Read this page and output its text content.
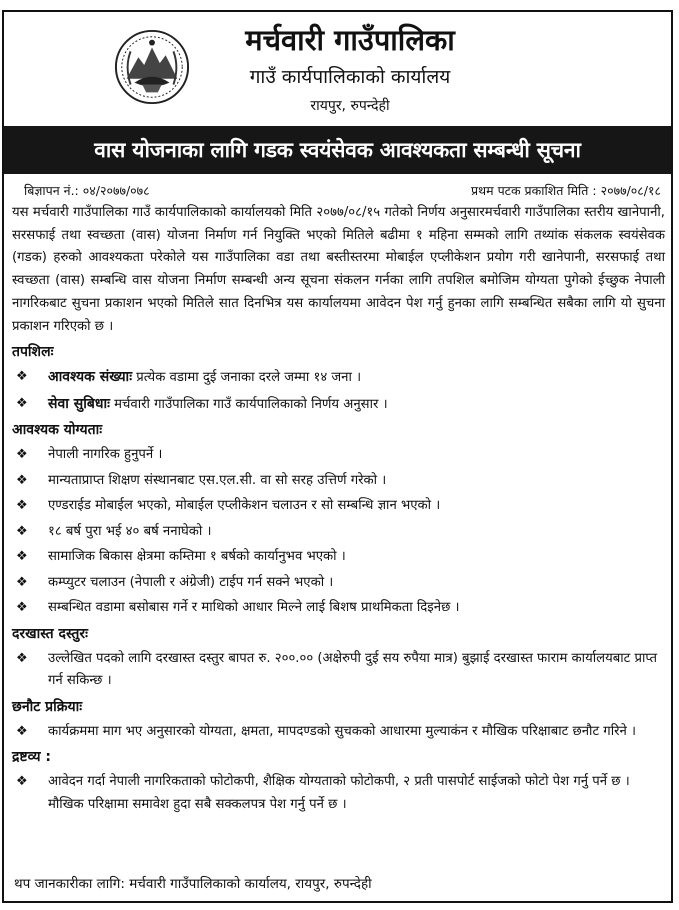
मर्चवारी गाउँपालिका
गाउँ कार्यपालिकाको कार्यालय
रायपुर, रुपन्देही
वास योजनाका लागि गडक स्वयंसेवक आवश्यकता सम्बन्धी सूचना
बिज्ञापन नं.: ०४/२०७७/०७८	प्रथम पटक प्रकाशित मिति : २०७७/०८/१८

यस मर्चवारी गाउँपालिका गाउँ कार्यपालिकाको कार्यालयको मिति २०७७/०८/१५ गतेको निर्णय अनुसारमर्चवारी गाउँपालिका स्तरीय खानेपानी, सरसफाई तथा स्वच्छता (वास) योजना निर्माण गर्न नियुक्ति भएको मितिले बढीमा १ महिना सम्मको लागि तथ्यांक संकलक स्वयंसेवक (गडक) हरुको आवश्यकता परेकोले यस गाउँपालिका वडा तथा बस्तीस्तरमा मोबाईल एप्लीकेशन प्रयोग गरी खानेपानी, सरसफाई तथा स्वच्छता (वास) सम्बन्धि वास योजना निर्माण सम्बन्धी अन्य सूचना संकलन गर्नका लागि तपशिल बमोजिम योग्यता पुगेको ईच्छुक नेपाली नागरिकबाट सुचना प्रकाशन भएको मितिले सात दिनभित्र यस कार्यालयमा आवेदन पेश गर्नु हुनका लागि सम्बन्धित सबैका लागि यो सुचना प्रकाशन गरिएको छ ।

तपशिलः
❖ आवश्यक संख्याः प्रत्येक वडामा दुई जनाका दरले जम्मा १४ जना ।
❖ सेवा सुबिधाः मर्चवारी गाउँपालिका गाउँ कार्यपालिकाको निर्णय अनुसार ।
आवश्यक योग्यताः
❖ नेपाली नागरिक हुनुपर्ने ।
❖ मान्यताप्राप्त शिक्षण संस्थानबाट एस.एल.सी. वा सो सरह उत्तिर्ण गरेको ।
❖ एण्डराईड मोबाईल भएको, मोबाईल एप्लीकेशन चलाउन र सो सम्बन्धि ज्ञान भएको ।
❖ १८ बर्ष पुरा भई ४० बर्ष ननाघेको ।
❖ सामाजिक बिकास क्षेत्रमा कम्तिमा १ बर्षको कार्यानुभव भएको ।
❖ कम्प्युटर चलाउन (नेपाली र अंग्रेजी) टाईप गर्न सक्ने भएको ।
❖ सम्बन्धित वडामा बसोबास गर्ने र माथिको आधार मिल्ने लाई बिशष प्राथमिकता दिइनेछ ।
दरखास्त दस्तुरः
❖ उल्लेखित पदको लागि दरखास्त दस्तुर बापत रु. २००.०० (अक्षेरुपी दुई सय रुपैया मात्र) बुझाई दरखास्त फाराम कार्यालयबाट प्राप्त गर्न सकिन्छ ।
छनौट प्रक्रियाः
❖ कार्यक्रममा माग भए अनुसारको योग्यता, क्षमता, मापदण्डको सुचकको आधारमा मुल्याकंन र मौखिक परिक्षाबाट छनौट गरिने ।
द्रष्टव्य :
❖ आवेदन गर्दा नेपाली नागरिकताको फोटोकपी, शैक्षिक योग्यताको फोटोकपी, २ प्रती पासपोर्ट साईजको फोटो पेश गर्नु पर्ने छ । मौखिक परिक्षामा समावेश हुदा सबै सक्कलपत्र पेश गर्नु पर्ने छ ।
थप जानकारीका लागि: मर्चवारी गाउँपालिकाको कार्यालय, रायपुर, रुपन्देही
